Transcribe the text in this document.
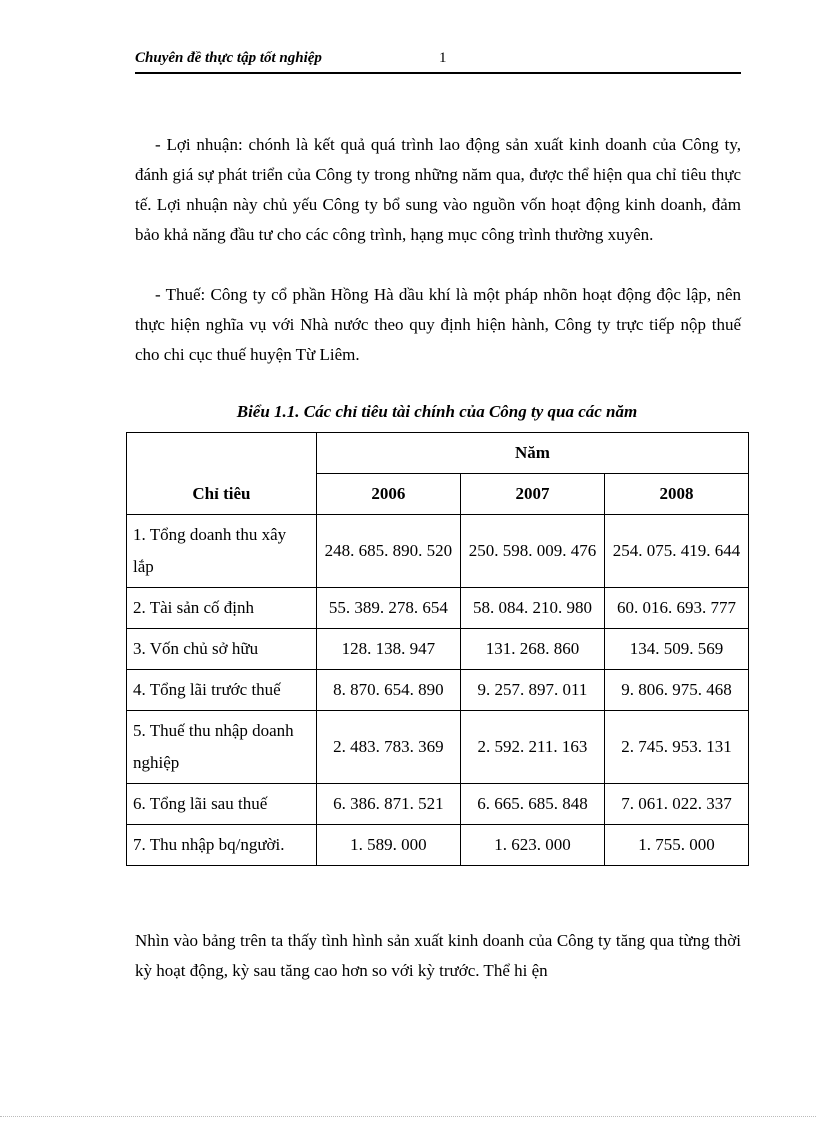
Chuyên đề thực tập tốt nghiệp	1

- Lợi nhuận: chónh là kết quả quá trình lao động sản xuất kinh doanh của Công ty, đánh giá sự phát triển của Công ty trong những năm qua, được thể hiện qua chỉ tiêu thực tế. Lợi nhuận này chủ yếu Công ty bổ sung vào nguồn vốn hoạt động kinh doanh, đảm bảo khả năng đầu tư cho các công trình, hạng mục công trình thường xuyên.

- Thuế: Công ty cổ phần Hồng Hà dầu khí là một pháp nhõn hoạt động độc lập, nên thực hiện nghĩa vụ với Nhà nước theo quy định hiện hành, Công ty trực tiếp nộp thuế cho chi cục thuế huyện Từ Liêm.

Biểu 1.1. Các chỉ tiêu tài chính của Công ty qua các năm
Chỉ tiêu	Năm		
	2006	2007	2008
1. Tổng doanh thu xây lắp	248. 685. 890. 520	250. 598. 009. 476	254. 075. 419. 644
2. Tài sản cố định	55. 389. 278. 654	58. 084. 210. 980	60. 016. 693. 777
3. Vốn chủ sở hữu	128. 138. 947	131. 268. 860	134. 509. 569
4. Tổng lãi trước thuế	8. 870. 654. 890	9. 257. 897. 011	9. 806. 975. 468
5. Thuế thu nhập doanh nghiệp	2. 483. 783. 369	2. 592. 211. 163	2. 745. 953. 131
6. Tổng lãi sau thuế	6. 386. 871. 521	6. 665. 685. 848	7. 061. 022. 337
7. Thu nhập bq/người.	1. 589. 000	1. 623. 000	1. 755. 000

Nhìn vào bảng trên ta thấy tình hình sản xuất kinh doanh của Công ty tăng qua từng thời kỳ hoạt động, kỳ sau tăng cao hơn so với kỳ trước. Thể hi ện
